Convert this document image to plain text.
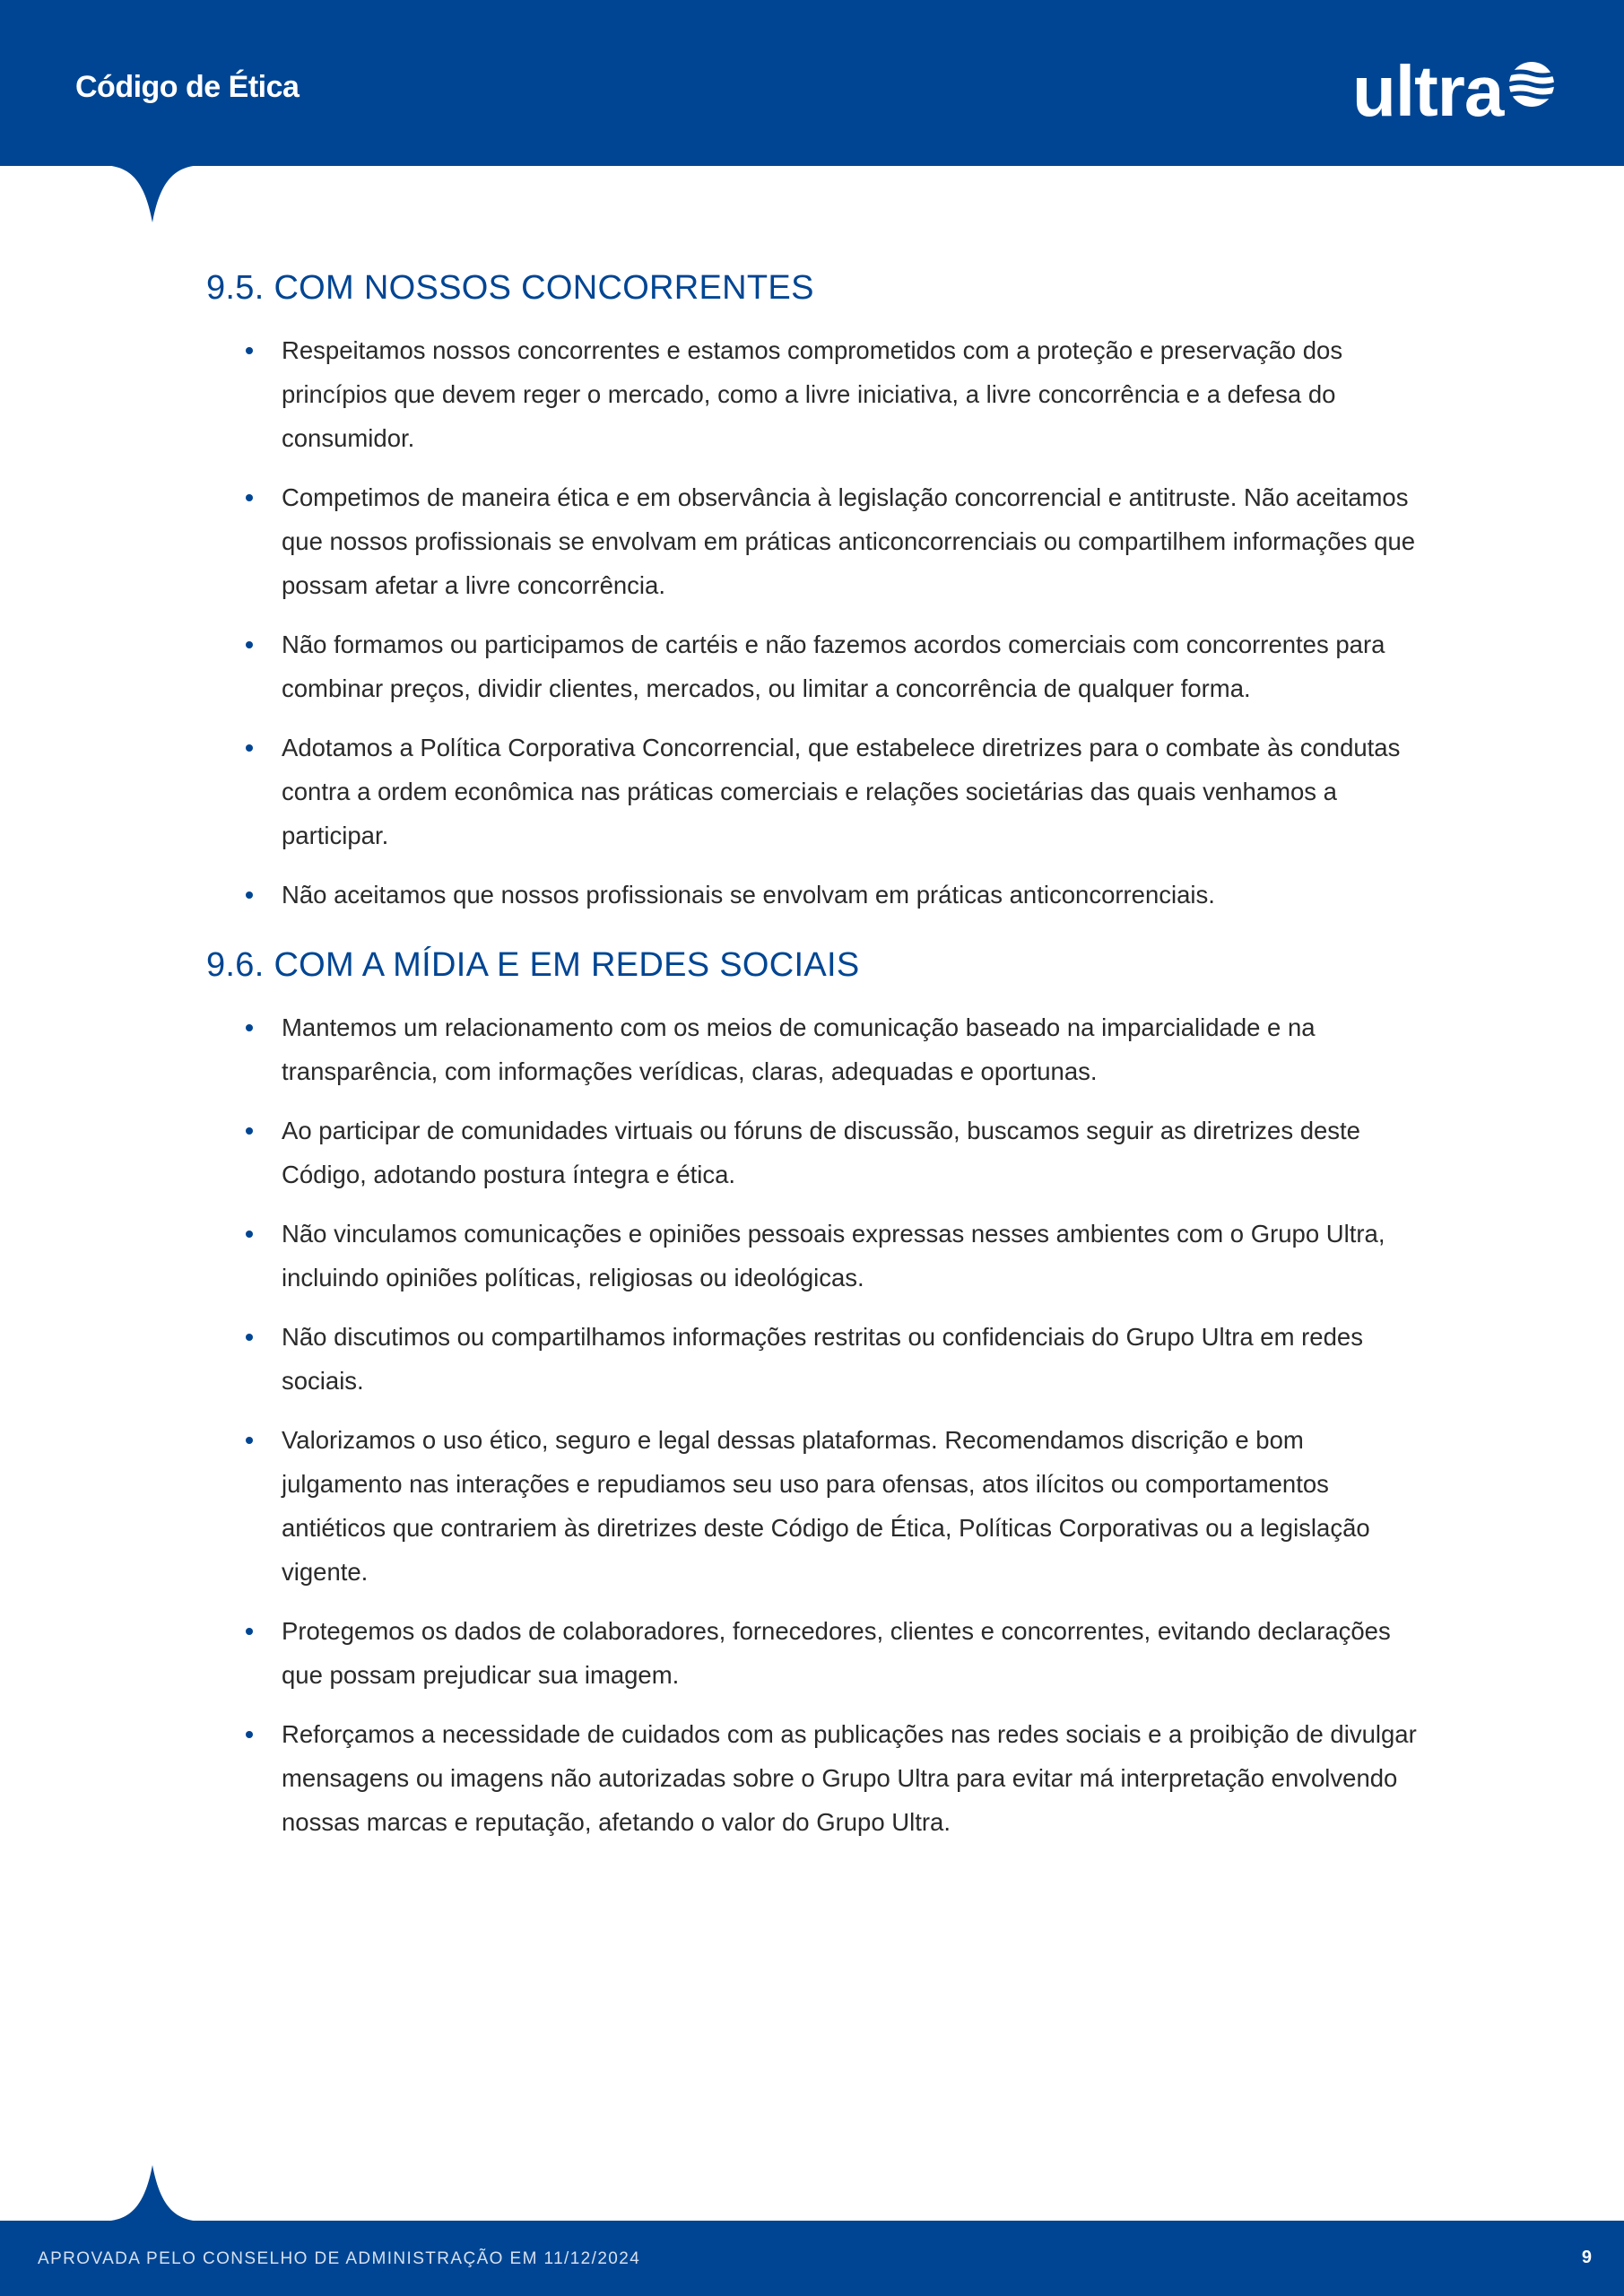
Código de Ética	ultra
9.5. COM NOSSOS CONCORRENTES
Respeitamos nossos concorrentes e estamos comprometidos com a proteção e preservação dos princípios que devem reger o mercado, como a livre iniciativa, a livre concorrência e a defesa do consumidor.
Competimos de maneira ética e em observância à legislação concorrencial e antitruste. Não aceitamos que nossos profissionais se envolvam em práticas anticoncorrenciais ou compartilhem informações que possam afetar a livre concorrência.
Não formamos ou participamos de cartéis e não fazemos acordos comerciais com concorrentes para combinar preços, dividir clientes, mercados, ou limitar a concorrência de qualquer forma.
Adotamos a Política Corporativa Concorrencial, que estabelece diretrizes para o combate às condutas contra a ordem econômica nas práticas comerciais e relações societárias das quais venhamos a participar.
Não aceitamos que nossos profissionais se envolvam em práticas anticoncorrenciais.
9.6. COM A MÍDIA E EM REDES SOCIAIS
Mantemos um relacionamento com os meios de comunicação baseado na imparcialidade e na transparência, com informações verídicas, claras, adequadas e oportunas.
Ao participar de comunidades virtuais ou fóruns de discussão, buscamos seguir as diretrizes deste Código, adotando postura íntegra e ética.
Não vinculamos comunicações e opiniões pessoais expressas nesses ambientes com o Grupo Ultra, incluindo opiniões políticas, religiosas ou ideológicas.
Não discutimos ou compartilhamos informações restritas ou confidenciais do Grupo Ultra em redes sociais.
Valorizamos o uso ético, seguro e legal dessas plataformas. Recomendamos discrição e bom julgamento nas interações e repudiamos seu uso para ofensas, atos ilícitos ou comportamentos antiéticos que contrariem às diretrizes deste Código de Ética, Políticas Corporativas ou a legislação vigente.
Protegemos os dados de colaboradores, fornecedores, clientes e concorrentes, evitando declarações que possam prejudicar sua imagem.
Reforçamos a necessidade de cuidados com as publicações nas redes sociais e a proibição de divulgar mensagens ou imagens não autorizadas sobre o Grupo Ultra para evitar má interpretação envolvendo nossas marcas e reputação, afetando o valor do Grupo Ultra.
APROVADA PELO CONSELHO DE ADMINISTRAÇÃO EM 11/12/2024	9
